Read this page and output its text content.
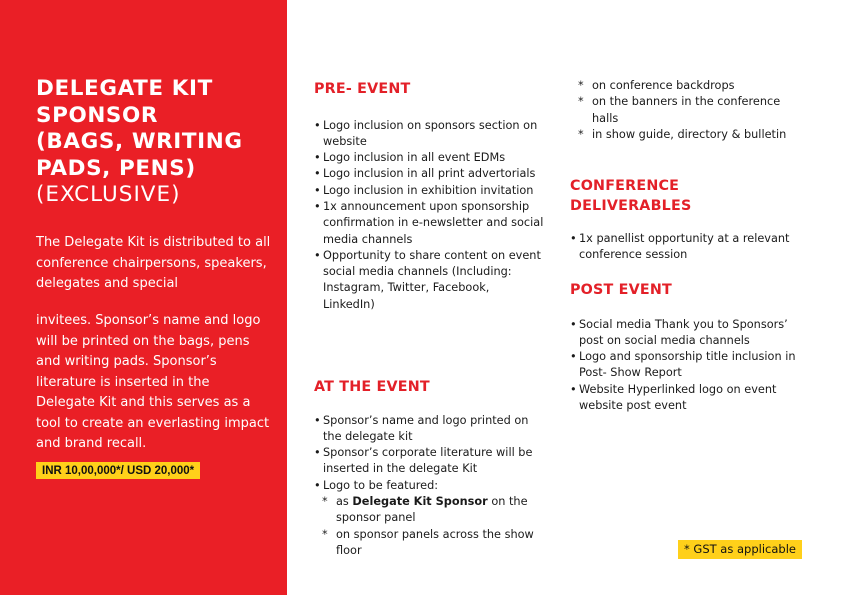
DELEGATE KIT
SPONSOR
(BAGS, WRITING
PADS, PENS)
(EXCLUSIVE)

The Delegate Kit is distributed to all conference chairpersons, speakers, delegates and special

invitees. Sponsor’s name and logo will be printed on the bags, pens and writing pads. Sponsor’s literature is inserted in the Delegate Kit and this serves as a tool to create an everlasting impact and brand recall.

INR 10,00,000*/ USD 20,000*
PRE- EVENT
• Logo inclusion on sponsors section on website
• Logo inclusion in all event EDMs
• Logo inclusion in all print advertorials
• Logo inclusion in exhibition invitation
• 1x announcement upon sponsorship confirmation in e-newsletter and social media channels
• Opportunity to share content on event social media channels (Including: Instagram, Twitter, Facebook, LinkedIn)
AT THE EVENT
• Sponsor’s name and logo printed on the delegate kit
• Sponsor’s corporate literature will be inserted in the delegate Kit
• Logo to be featured:
* as Delegate Kit Sponsor on the sponsor panel
* on sponsor panels across the show floor
* on conference backdrops
* on the banners in the conference halls
* in show guide, directory & bulletin
CONFERENCE
DELIVERABLES
• 1x panellist opportunity at a relevant conference session
POST EVENT
• Social media Thank you to Sponsors’ post on social media channels
• Logo and sponsorship title inclusion in Post- Show Report
• Website Hyperlinked logo on event website post event
* GST as applicable
